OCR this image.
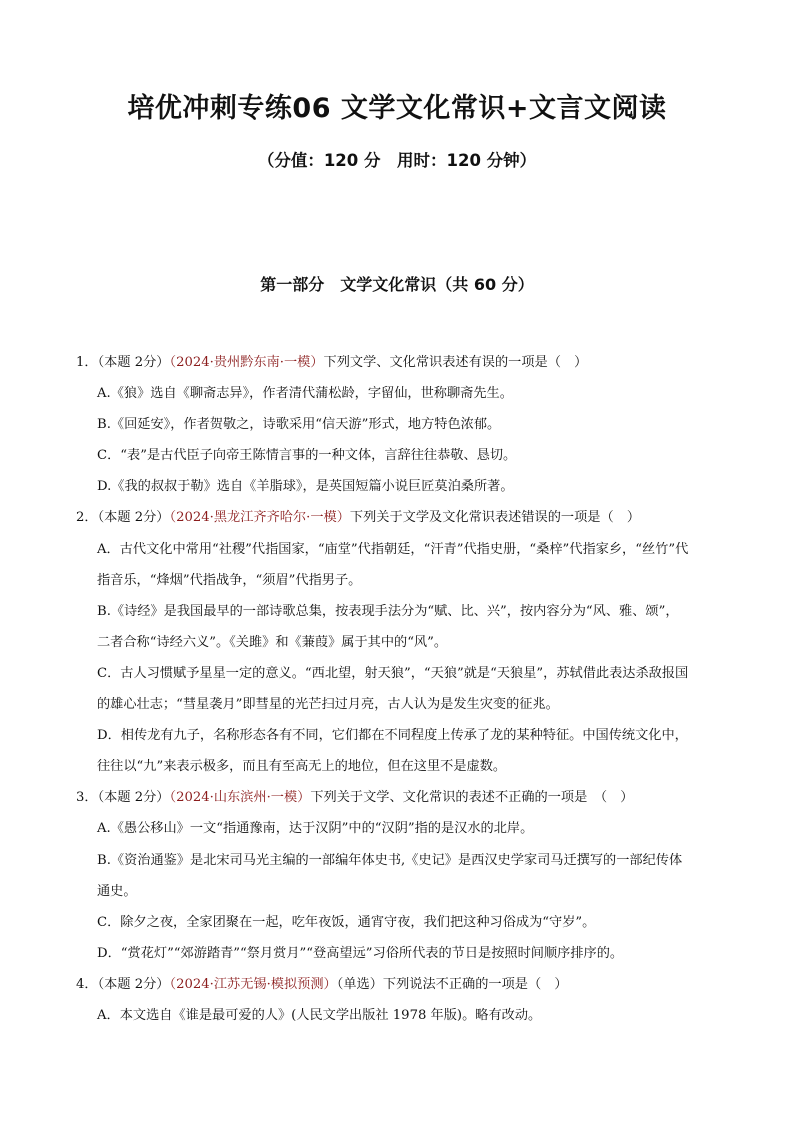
培优冲刺专练06 文学文化常识+文言文阅读
（分值：120 分　用时：120 分钟）
第一部分　文学文化常识（共 60 分）
1．（本题 2分）（2024·贵州黔东南·一模）下列文学、文化常识表述有误的一项是（　）
A.《狼》选自《聊斋志异》，作者清代蒲松龄，字留仙，世称聊斋先生。
B.《回延安》，作者贺敬之，诗歌采用“信天游”形式，地方特色浓郁。
C．“表”是古代臣子向帝王陈情言事的一种文体，言辞往往恭敬、恳切。
D.《我的叔叔于勒》选自《羊脂球》，是英国短篇小说巨匠莫泊桑所著。
2．（本题 2分）（2024·黑龙江齐齐哈尔·一模）下列关于文学及文化常识表述错误的一项是（　）
A．古代文化中常用“社稷”代指国家，“庙堂”代指朝廷，“汗青”代指史册，“桑梓”代指家乡，“丝竹”代
指音乐，“烽烟”代指战争，“须眉”代指男子。
B.《诗经》是我国最早的一部诗歌总集，按表现手法分为“赋、比、兴”，按内容分为“风、雅、颂”，
二者合称“诗经六义”。《关雎》和《蒹葭》属于其中的“风”。
C．古人习惯赋予星星一定的意义。“西北望，射天狼”，“天狼”就是“天狼星”，苏轼借此表达杀敌报国
的雄心壮志；“彗星袭月”即彗星的光芒扫过月亮，古人认为是发生灾变的征兆。
D．相传龙有九子，名称形态各有不同，它们都在不同程度上传承了龙的某种特征。中国传统文化中，
往往以“九”来表示极多，而且有至高无上的地位，但在这里不是虚数。
3．（本题 2分）（2024·山东滨州·一模）下列关于文学、文化常识的表述不正确的一项是　（　）
A.《愚公移山》一文“指通豫南，达于汉阴”中的“汉阴”指的是汉水的北岸。
B.《资治通鉴》是北宋司马光主编的一部编年体史书,《史记》是西汉史学家司马迁撰写的一部纪传体
通史。
C．除夕之夜，全家团聚在一起，吃年夜饭，通宵守夜，我们把这种习俗成为“守岁”。
D．“赏花灯”“郊游踏青”“祭月赏月”“登高望远”习俗所代表的节日是按照时间顺序排序的。
4．（本题 2分）（2024·江苏无锡·模拟预测）（单选）下列说法不正确的一项是（　）
A．本文选自《谁是最可爱的人》(人民文学出版社 1978 年版)。略有改动。
